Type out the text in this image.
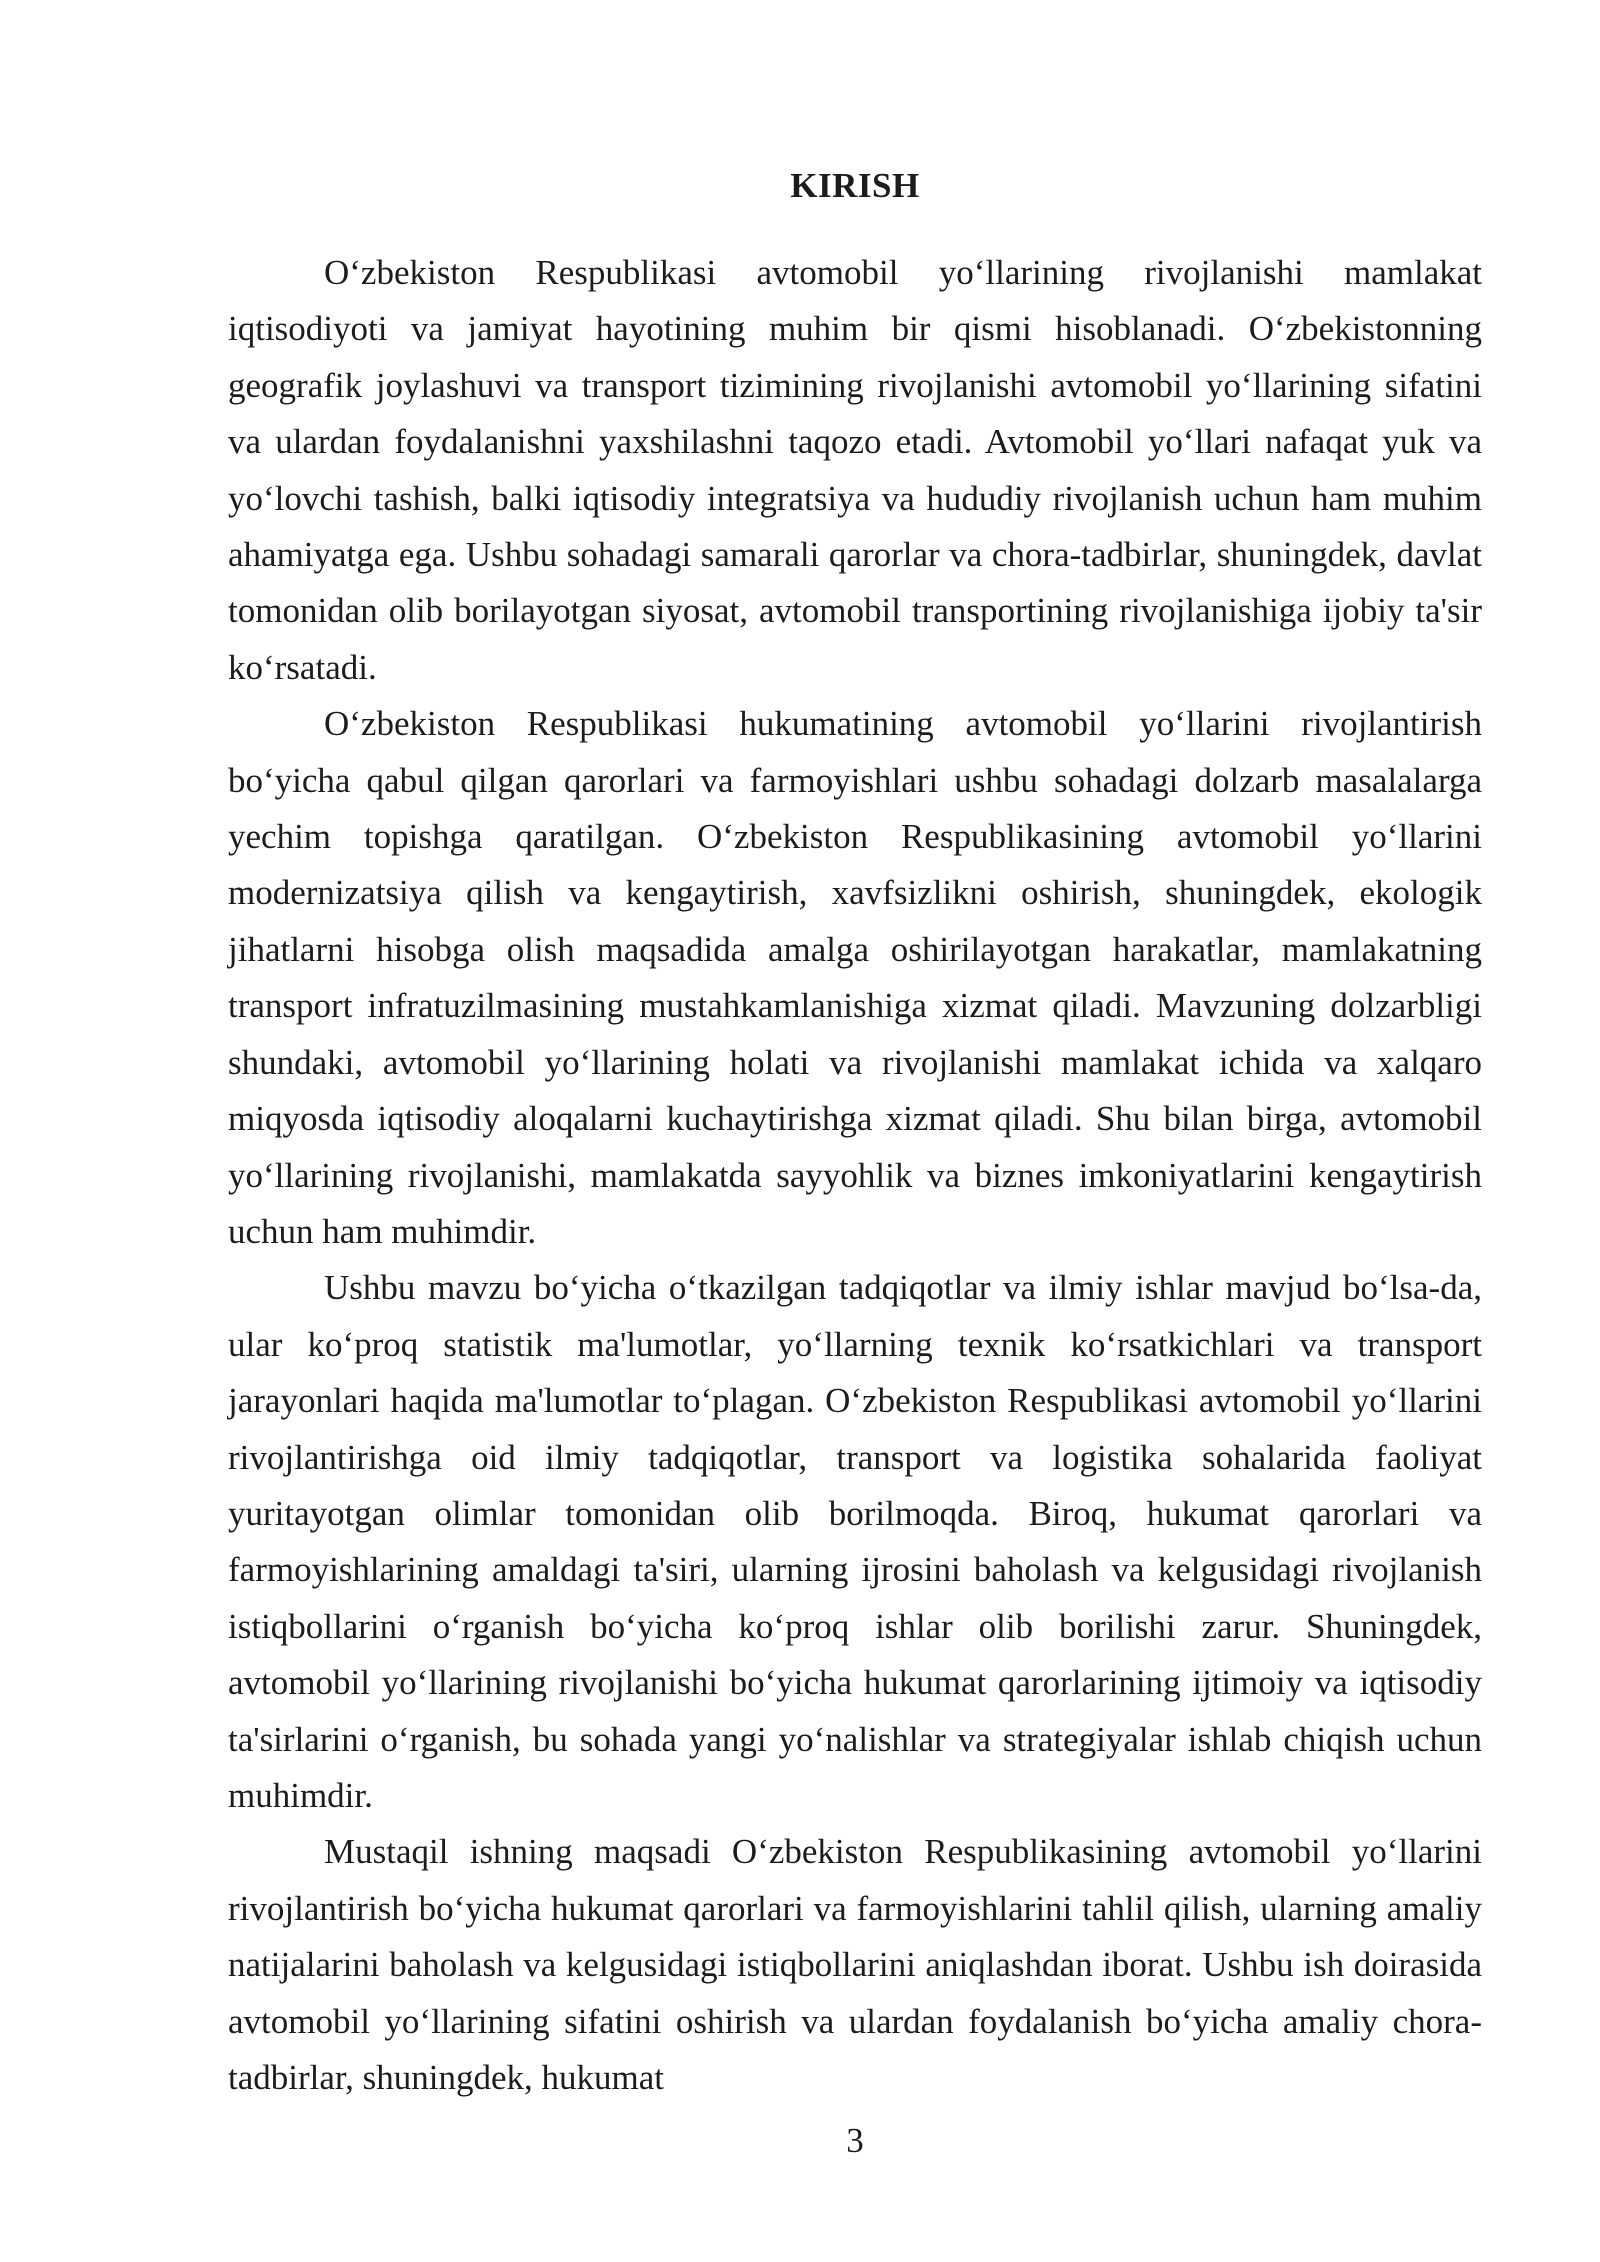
KIRISH

O‘zbekiston Respublikasi avtomobil yo‘llarining rivojlanishi mamlakat iqtisodiyoti va jamiyat hayotining muhim bir qismi hisoblanadi. O‘zbekistonning geografik joylashuvi va transport tizimining rivojlanishi avtomobil yo‘llarining sifatini va ulardan foydalanishni yaxshilashni taqozo etadi. Avtomobil yo‘llari nafaqat yuk va yo‘lovchi tashish, balki iqtisodiy integratsiya va hududiy rivojlanish uchun ham muhim ahamiyatga ega. Ushbu sohadagi samarali qarorlar va chora-tadbirlar, shuningdek, davlat tomonidan olib borilayotgan siyosat, avtomobil transportining rivojlanishiga ijobiy ta'sir ko‘rsatadi.

O‘zbekiston Respublikasi hukumatining avtomobil yo‘llarini rivojlantirish bo‘yicha qabul qilgan qarorlari va farmoyishlari ushbu sohadagi dolzarb masalalarga yechim topishga qaratilgan. O‘zbekiston Respublikasining avtomobil yo‘llarini modernizatsiya qilish va kengaytirish, xavfsizlikni oshirish, shuningdek, ekologik jihatlarni hisobga olish maqsadida amalga oshirilayotgan harakatlar, mamlakatning transport infratuzilmasining mustahkamlanishiga xizmat qiladi. Mavzuning dolzarbligi shundaki, avtomobil yo‘llarining holati va rivojlanishi mamlakat ichida va xalqaro miqyosda iqtisodiy aloqalarni kuchaytirishga xizmat qiladi. Shu bilan birga, avtomobil yo‘llarining rivojlanishi, mamlakatda sayyohlik va biznes imkoniyatlarini kengaytirish uchun ham muhimdir.

Ushbu mavzu bo‘yicha o‘tkazilgan tadqiqotlar va ilmiy ishlar mavjud bo‘lsa-da, ular ko‘proq statistik ma'lumotlar, yo‘llarning texnik ko‘rsatkichlari va transport jarayonlari haqida ma'lumotlar to‘plagan. O‘zbekiston Respublikasi avtomobil yo‘llarini rivojlantirishga oid ilmiy tadqiqotlar, transport va logistika sohalarida faoliyat yuritayotgan olimlar tomonidan olib borilmoqda. Biroq, hukumat qarorlari va farmoyishlarining amaldagi ta'siri, ularning ijrosini baholash va kelgusidagi rivojlanish istiqbollarini o‘rganish bo‘yicha ko‘proq ishlar olib borilishi zarur. Shuningdek, avtomobil yo‘llarining rivojlanishi bo‘yicha hukumat qarorlarining ijtimoiy va iqtisodiy ta'sirlarini o‘rganish, bu sohada yangi yo‘nalishlar va strategiyalar ishlab chiqish uchun muhimdir.

Mustaqil ishning maqsadi O‘zbekiston Respublikasining avtomobil yo‘llarini rivojlantirish bo‘yicha hukumat qarorlari va farmoyishlarini tahlil qilish, ularning amaliy natijalarini baholash va kelgusidagi istiqbollarini aniqlashdan iborat. Ushbu ish doirasida avtomobil yo‘llarining sifatini oshirish va ulardan foydalanish bo‘yicha amaliy chora-tadbirlar, shuningdek, hukumat

3
